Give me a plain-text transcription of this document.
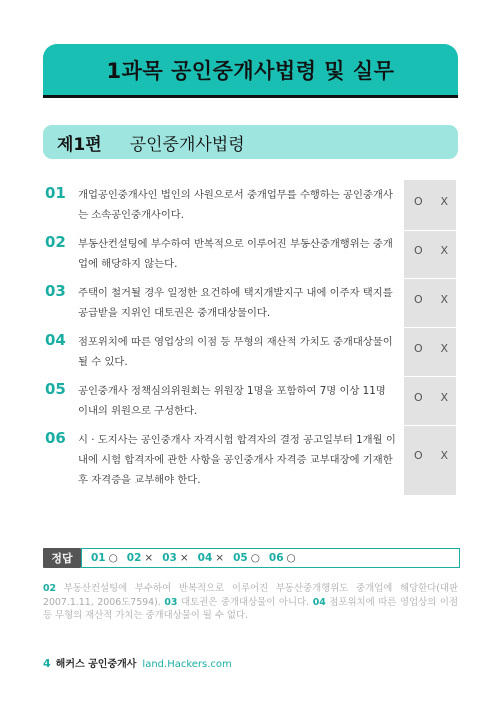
1과목 공인중개사법령 및 실무
제1편 공인중개사법령
01 개업공인중개사인 법인의 사원으로서 중개업무를 수행하는 공인중개사는 소속공인중개사이다.
O X
02 부동산컨설팅에 부수하여 반복적으로 이루어진 부동산중개행위는 중개업에 해당하지 않는다.
O X
03 주택이 철거될 경우 일정한 요건하에 택지개발지구 내에 이주자 택지를 공급받을 지위인 대토권은 중개대상물이다.
O X
04 점포위치에 따른 영업상의 이점 등 무형의 재산적 가치도 중개대상물이 될 수 있다.
O X
05 공인중개사 정책심의위원회는 위원장 1명을 포함하여 7명 이상 11명 이내의 위원으로 구성한다.
O X
06 시 · 도지사는 공인중개사 자격시험 합격자의 결정 공고일부터 1개월 이내에 시험 합격자에 관한 사항을 공인중개사 자격증 교부대장에 기재한 후 자격증을 교부해야 한다.
O X
정답	01 ○ 02 × 03 × 04 × 05 ○ 06 ○
02 부동산컨설팅에 부수하여 반복적으로 이루어진 부동산중개행위도 중개업에 해당한다(대판 2007.1.11, 2006도7594). 03 대토권은 중개대상물이 아니다. 04 점포위치에 따른 영업상의 이점 등 무형의 재산적 가치는 중개대상물이 될 수 없다.
4 해커스 공인중개사 land.Hackers.com
